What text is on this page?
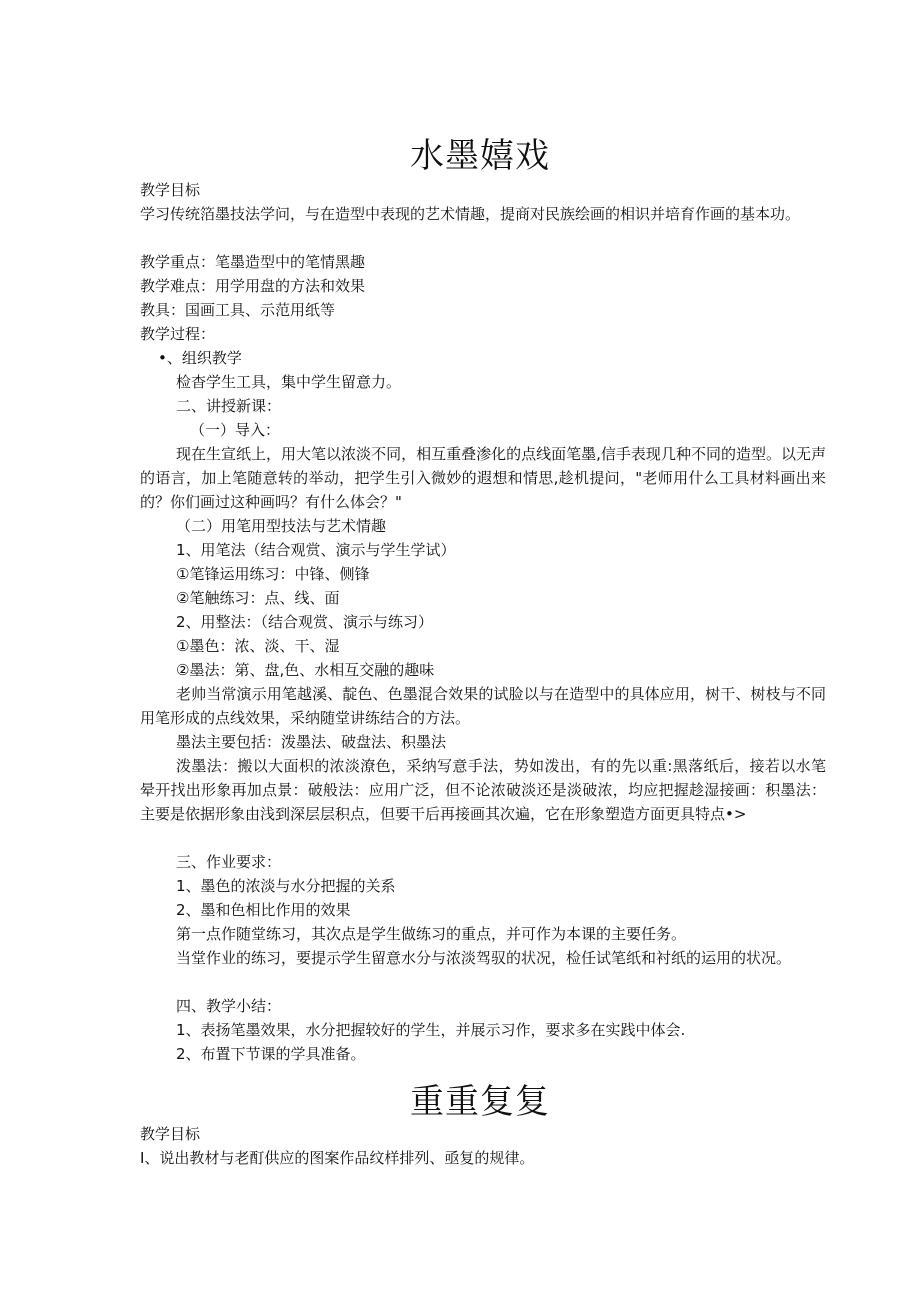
水墨嬉戏
教学目标

学习传统箔墨技法学问，与在造型中表现的艺术情趣，提商对民族绘画的相识并培育作画的基本功。

教学重点：笔墨造型中的笔情黑趣
教学难点：用学用盘的方法和效果
教具：国画工具、示范用纸等
教学过程：
•、组织教学
检杳学生工具，集中学生留意力。
二、讲授新课：
（一）导入：

现在生宣纸上，用大笔以浓淡不同，相互重叠渗化的点线面笔墨,信手表现几种不同的造型。以无声的语言，加上笔随意转的举动，把学生引入微妙的遐想和情思,趁机提问，"老师用什么工具材料画出来的？你们画过这种画吗？有什么体会？"

（二）用笔用型技法与艺术情趣
1、用笔法（结合观赏、演示与学生学试）
①笔锋运用练习：中锋、侧锋
②笔触练习：点、线、面
2、用整法：（结合观赏、演示与练习）
①墨色：浓、淡、干、湿
②墨法：第、盘,色、水相互交融的趣味

老帅当常演示用笔越溪、靛色、色墨混合效果的试脸以与在造型中的具体应用，树干、树枝与不同用笔形成的点线效果，采纳随堂讲练结合的方法。

墨法主要包括：泼墨法、破盘法、积墨法

泼墨法：搬以大面枳的浓淡潦色，采纳写意手法，势如泼出，有的先以重:黑落纸后，接若以水笔晕开找出形象再加点景：破般法：应用广泛，但不论浓破淡还是淡破浓，均应把握趁湿接画：积墨法：主要是依据形象由浅到深层层积点，但要干后再接画其次遍，它在形象塑造方面更具特点•>

三、作业要求：
1、墨色的浓淡与水分把握的关系
2、墨和色相比作用的效果
第一点作随堂练习，其次点是学生做练习的重点，并可作为本课的主要任务。

当堂作业的练习，要提示学生留意水分与浓淡驾驭的状况，检任试笔纸和衬纸的运用的状况。

四、教学小结：
1、表扬笔墨效果，水分把握较好的学生，并展示习作，要求多在实践中体会.
2、布置下节课的学具准备。
重重复复
教学目标
I、说出教材与老酊供应的图案作品纹样排列、亟复的规律。
